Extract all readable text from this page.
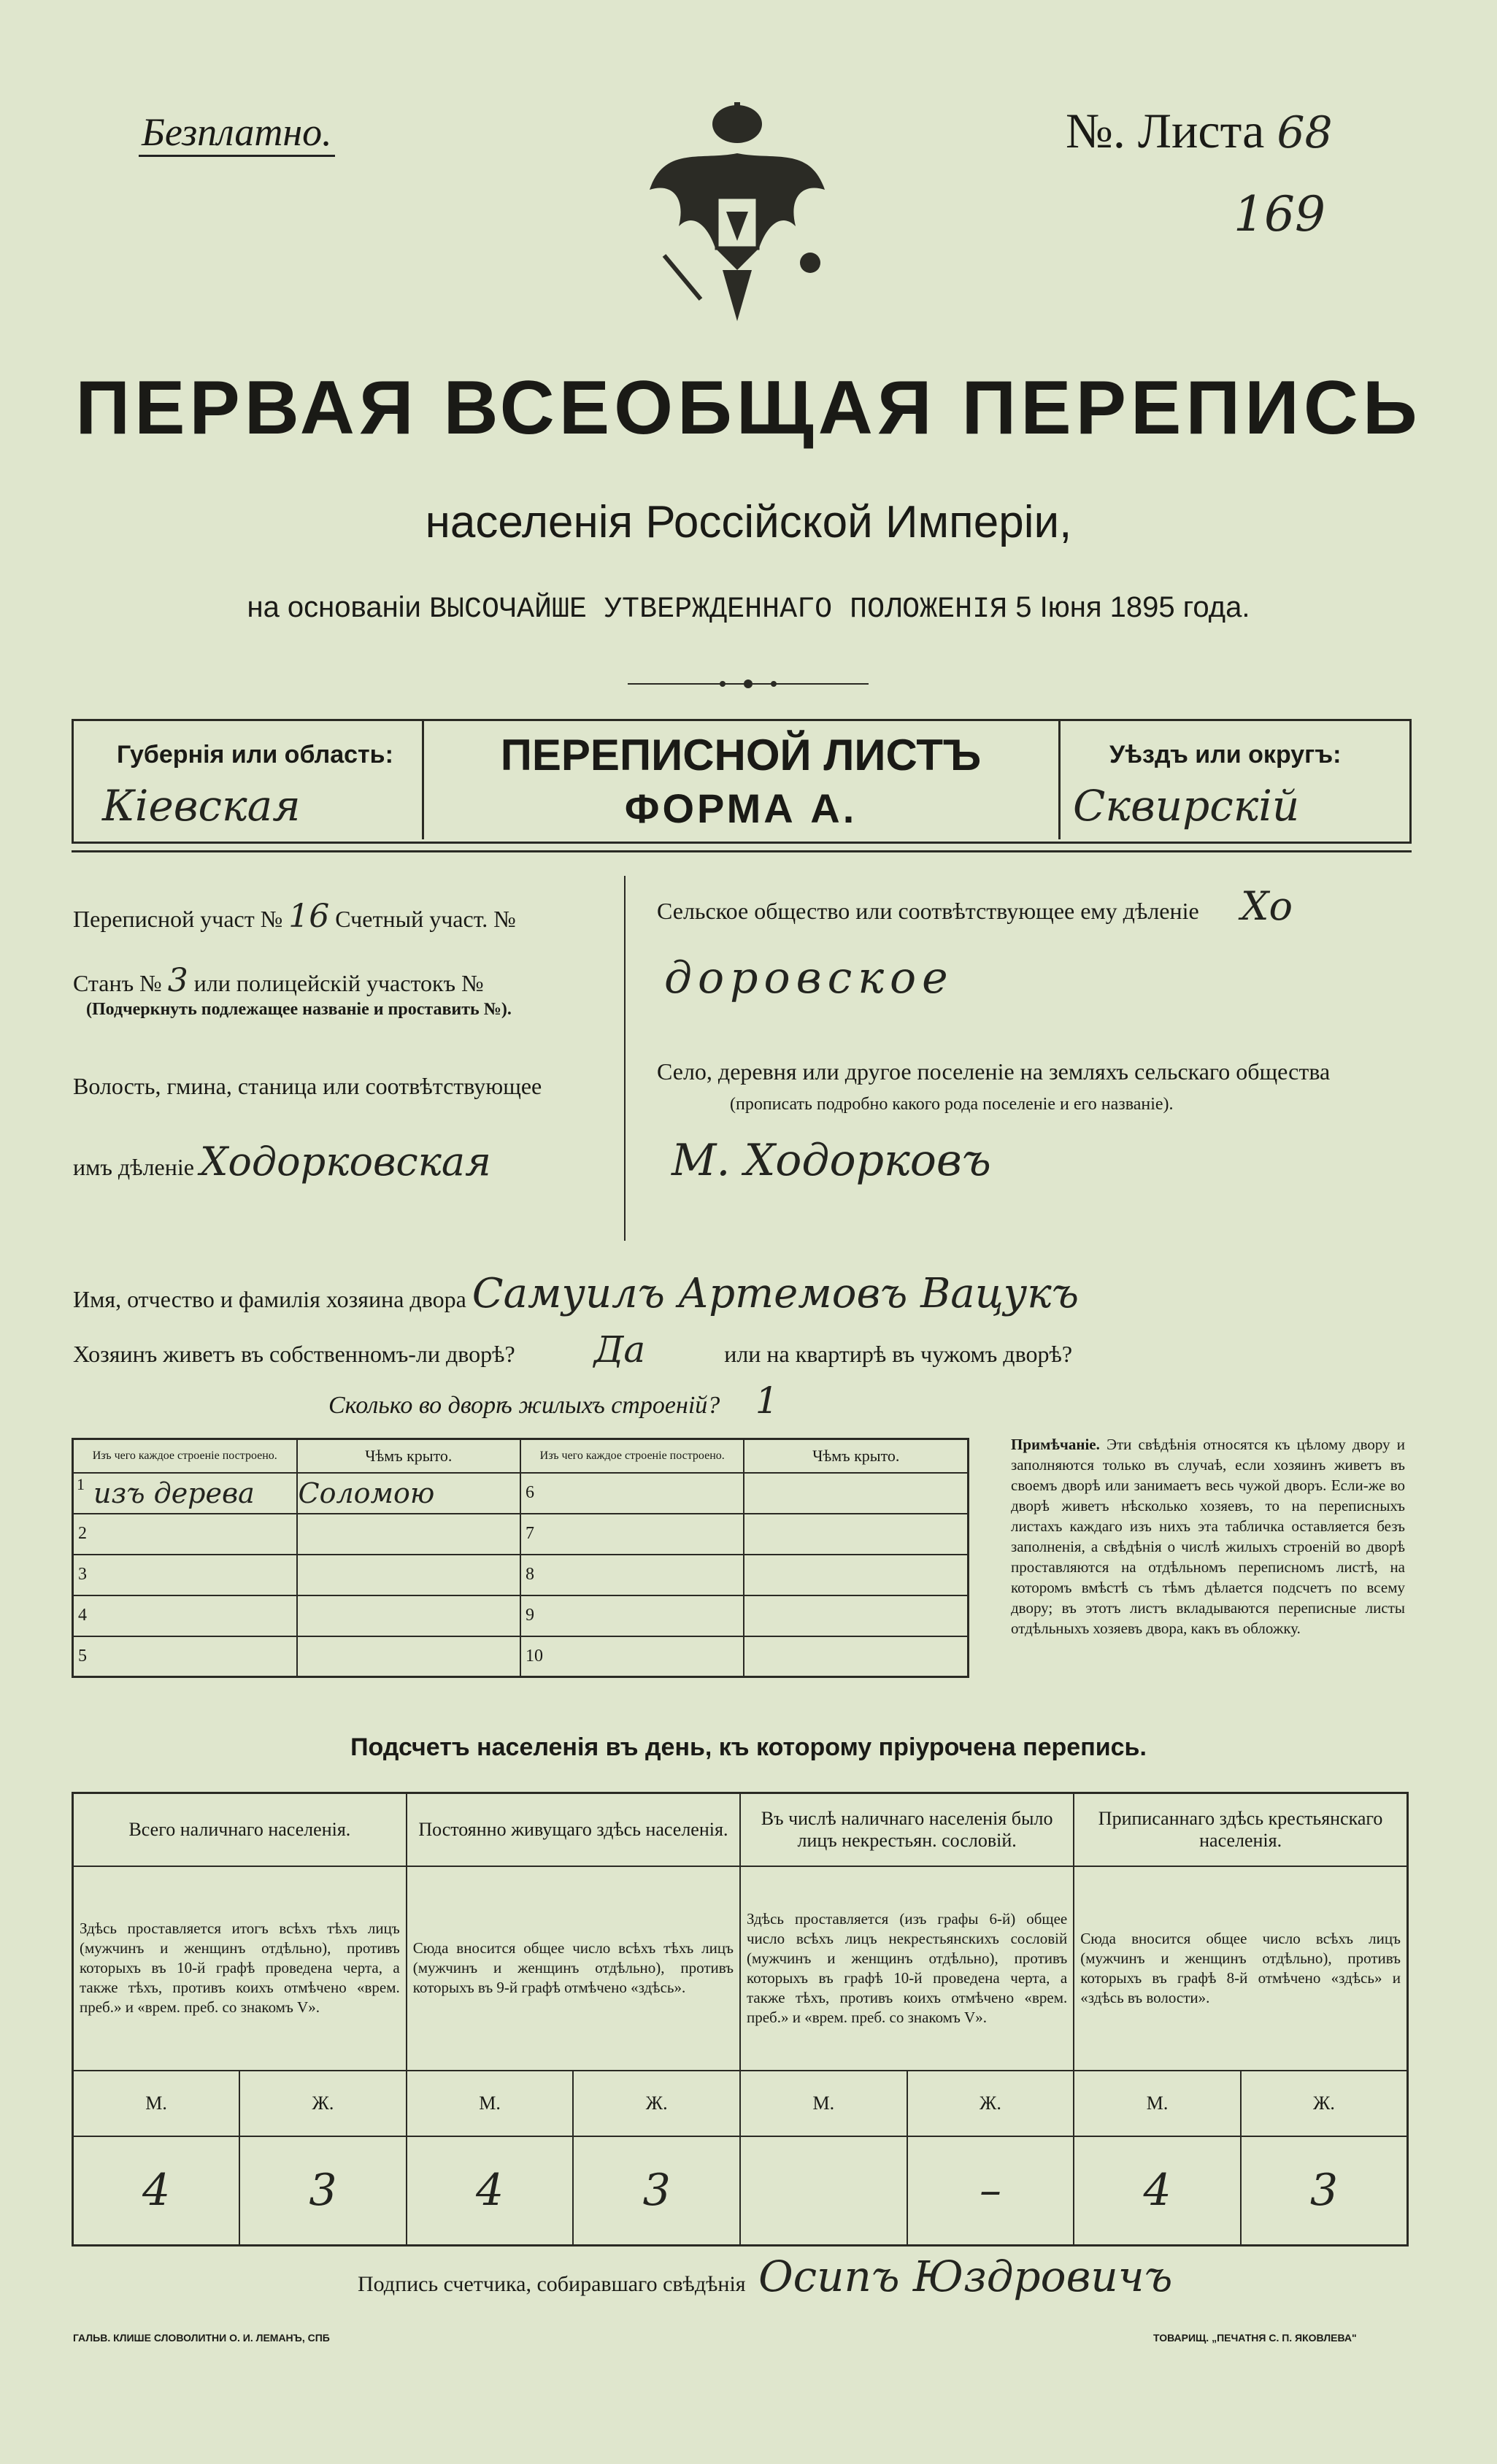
Безплатно.	№. Листа 68
169
ПЕРВАЯ ВСЕОБЩАЯ ПЕРЕПИСЬ
населенія Россійской Имперіи,
на основаніи ВЫСОЧАЙШЕ УТВЕРЖДЕННАГО ПОЛОЖЕНІЯ 5 Іюня 1895 года.
Губернія или область:
Кіевская
ПЕРЕПИСНОЙ ЛИСТЪ
ФОРМА А.
Уѣздъ или округъ:
Сквирскій
Переписной участ № 16 Счетный участ. №
Станъ № 3 или полицейскій участокъ №
(Подчеркнуть подлежащее названіе и проставить №).
Волость, гмина, станица или соотвѣтствующее
имъ дѣленіе Ходорковская
Сельское общество или соотвѣтствующее ему дѣленіе Хо
доровское
Село, деревня или другое поселеніе на земляхъ сельскаго общества
(прописать подробно какого рода поселеніе и его названіе).
М. Ходорковъ
Имя, отчество и фамилія хозяина двора Самуилъ Артемовъ Вацукъ
Хозяинъ живетъ въ собственномъ-ли дворѣ? Да	или на квартирѣ въ чужомъ дворѣ?
Сколько во дворѣ жилыхъ строеній? 1
Изъ чего каждое строеніе построено.	Чѣмъ крыто.	Изъ чего каждое строеніе построено.	Чѣмъ крыто.

1 изъ дерева	Соломою	6	
2		7	
3		8	
4		9	
5		10	
Примѣчаніе. Эти свѣдѣнія относятся къ цѣлому двору и заполняются только въ случаѣ, если хозяинъ живетъ въ своемъ дворѣ или занимаетъ весь чужой дворъ. Если-же во дворѣ живетъ нѣсколько хозяевъ, то на переписныхъ листахъ каждаго изъ нихъ эта табличка оставляется безъ заполненія, а свѣдѣнія о числѣ жилыхъ строеній во дворѣ проставляются на отдѣльномъ переписномъ листѣ, на которомъ вмѣстѣ съ тѣмъ дѣлается подсчетъ по всему двору; въ этотъ листъ вкладываются переписные листы отдѣльныхъ хозяевъ двора, какъ въ обложку.
Подсчетъ населенія въ день, къ которому пріурочена перепись.
Всего наличнаго населенія.		Постоянно живущаго здѣсь населенія.		Въ числѣ наличнаго населенія было лицъ некрестьян. сословій.		Приписаннаго здѣсь крестьянскаго населенія.	
Здѣсь проставляется итогъ всѣхъ тѣхъ лицъ (мужчинъ и женщинъ отдѣльно), противъ которыхъ въ 10-й графѣ проведена черта, а также тѣхъ, противъ коихъ отмѣчено «врем. преб.» и «врем. преб. со знакомъ V».		Сюда вносится общее число всѣхъ тѣхъ лицъ (мужчинъ и женщинъ отдѣльно), противъ которыхъ въ 9-й графѣ отмѣчено «здѣсь».		Здѣсь проставляется (изъ графы 6-й) общее число всѣхъ лицъ некрестьянскихъ сословій (мужчинъ и женщинъ отдѣльно), противъ которыхъ въ графѣ 10-й проведена черта, а также тѣхъ, противъ коихъ отмѣчено «врем. преб.» и «врем. преб. со знакомъ V».		Сюда вносится общее число всѣхъ лицъ (мужчинъ и женщинъ отдѣльно), противъ которыхъ въ графѣ 8-й отмѣчено «здѣсь» и «здѣсь въ волости».	
М.	Ж.	М.	Ж.	М.	Ж.	М.	Ж.
4	3	4	3		–	4	3
Подпись счетчика, собиравшаго свѣдѣнія Осипъ Юздровичъ
ГАЛЬВ. КЛИШЕ СЛОВОЛИТНИ О. И. ЛЕМАНЪ, СПБ	ТОВАРИЩ. „ПЕЧАТНЯ С. П. ЯКОВЛЕВА"
